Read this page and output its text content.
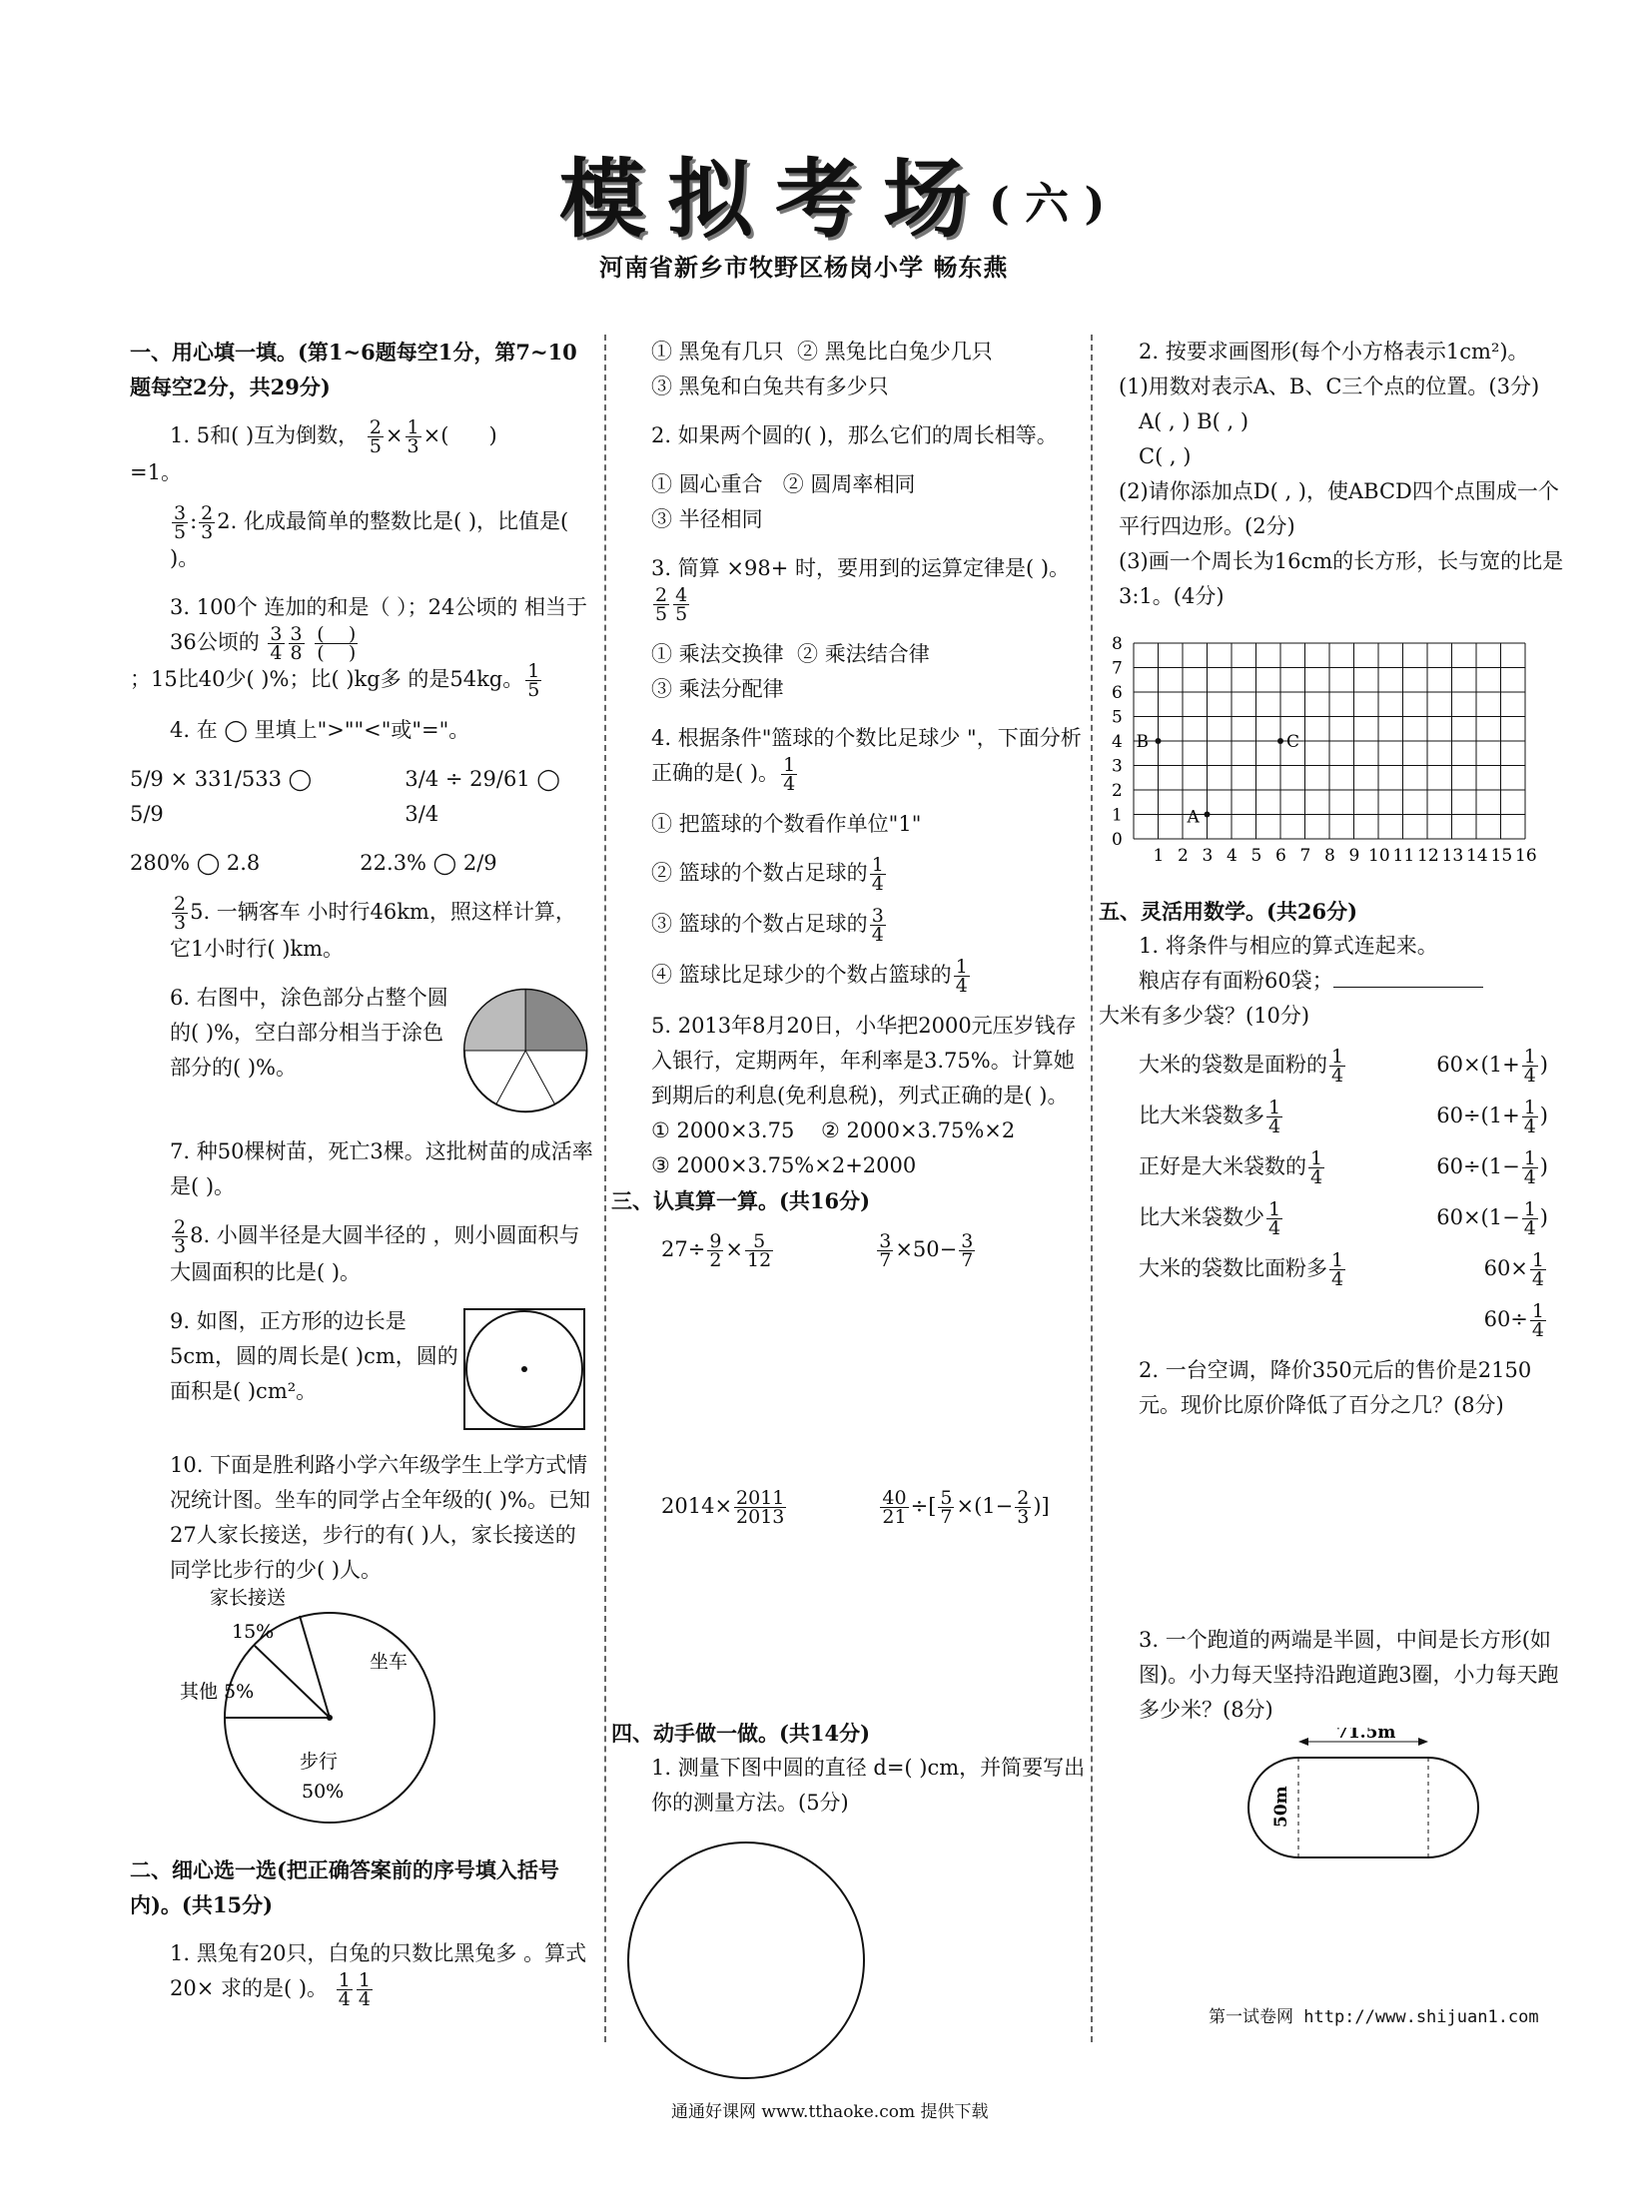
模拟考场
( 六 )
河南省新乡市牧野区杨岗小学 畅东燕
一、用心填一填。(第1~6题每空1分，第7~10题每空2分，共29分)
1. 5和( )互为倒数， $\frac{2}{5} \times \frac{1}{3}$ ×(      )
=1。
$\frac{3}{5}$ : $\frac{2}{3} 2$. 化成最简单的整数比是( )，比值是( )。
3. 100个 连加的和是（ ）；24公顷的 相当于36公顷的 $\frac{3}{4} \frac{3}{8}$
$\frac{( )}{( )}$
；15比40少( )%；比( )kg多 的是54kg。 $\frac{1}{5}$
4. 在 ◯ 里填上">""<"或"="。
5/9 × 331/533 ◯ 5/9
3/4 ÷ 29/61 ◯ 3/4
280% ◯ 2.8	22.3% ◯ 2/9
$\frac{2}{3} 5$. 一辆客车 小时行46km，照这样计算，它1小时行( )km。
6. 右图中，涂色部分占整个圆的( )%，空白部分相当于涂色部分的( )%。
7. 种50棵树苗，死亡3棵。这批树苗的成活率是( )。
$\frac{2}{3} 8$. 小圆半径是大圆半径的 ，则小圆面积与大圆面积的比是( )。
9. 如图，正方形的边长是5cm，圆的周长是( )cm，圆的面积是( )cm²。
10. 下面是胜利路小学六年级学生上学方式情况统计图。坐车的同学占全年级的( )%。已知27人家长接送，步行的有( )人，家长接送的同学比步行的少( )人。
家长接送
15%
其他 5%
坐车
步行
50%
二、细心选一选(把正确答案前的序号填入括号内)。(共15分)
1. 黑兔有20只，白兔的只数比黑兔多 。算式20× 求的是( )。 $\frac{1}{4} \frac{1}{4}$
① 黑兔有几只 ② 黑兔比白兔少几只
③ 黑兔和白兔共有多少只
2. 如果两个圆的( )，那么它们的周长相等。
① 圆心重合 ② 圆周率相同
③ 半径相同
3. 简算 ×98+ 时，要用到的运算定律是( )。
$\frac{2}{5} \frac{4}{5}$
① 乘法交换律 ② 乘法结合律
③ 乘法分配律
4. 根据条件"篮球的个数比足球少 "，下面分析正确的是( )。 $\frac{1}{4}$
① 把篮球的个数看作单位"1"
② 篮球的个数占足球的 $\frac{1}{4}$
③ 篮球的个数占足球的 $\frac{3}{4}$
④ 篮球比足球少的个数占篮球的 $\frac{1}{4}$
5. 2013年8月20日，小华把2000元压岁钱存入银行，定期两年，年利率是3.75%。计算她到期后的利息(免利息税)，列式正确的是( )。
① 2000×3.75 ② 2000×3.75%×2
③ 2000×3.75%×2+2000
三、认真算一算。(共16分)
$27\div \frac{9}{2} \times \frac{5}{12}$	$\frac{3}{7} \times 50- \frac{3}{7}$
$2014\times \frac{2011}{2013}$	$\frac{40}{21}$ ÷[ $\frac{5}{7} \times(1- \frac{2}{3}$ )]
四、动手做一做。(共14分)
1. 测量下图中圆的直径 d=( )cm，并简要写出你的测量方法。(5分)
2. 按要求画图形(每个小方格表示1cm²)。
(1)用数对表示A、B、C三个点的位置。(3分)
A( , ) B( , )
C( , )
(2)请你添加点D( , )，使ABCD四个点围成一个平行四边形。(2分)
(3)画一个周长为16cm的长方形，长与宽的比是3:1。(4分)
8
7
6
5
4
3
2
1
0
1 2 3 4 5 6 7 8 9 10 11 12 13 14 15 16
A
B	C
五、灵活用数学。(共26分)
1. 将条件与相应的算式连起来。
粮店存有面粉60袋；
大米有多少袋？(10分)
大米的袋数是面粉的 $\frac{1}{4}$	$60\times(1+ \frac{1}{4}$ )
比大米袋数多 $\frac{1}{4}$	$60\div(1+ \frac{1}{4}$ )
正好是大米袋数的 $\frac{1}{4}$	$60\div(1- \frac{1}{4}$ )
比大米袋数少 $\frac{1}{4}$	$60\times(1- \frac{1}{4}$ )
大米的袋数比面粉多 $\frac{1}{4}$	$60\times \frac{1}{4}$
$60\div \frac{1}{4}$
2. 一台空调，降价350元后的售价是2150元。现价比原价降低了百分之几？(8分)
3. 一个跑道的两端是半圆，中间是长方形(如图)。小力每天坚持沿跑道跑3圈，小力每天跑多少米？(8分)
71.5m
50m
第一试卷网 http://www.shijuan1.com
通通好课网 www.tthaoke.com 提供下载
